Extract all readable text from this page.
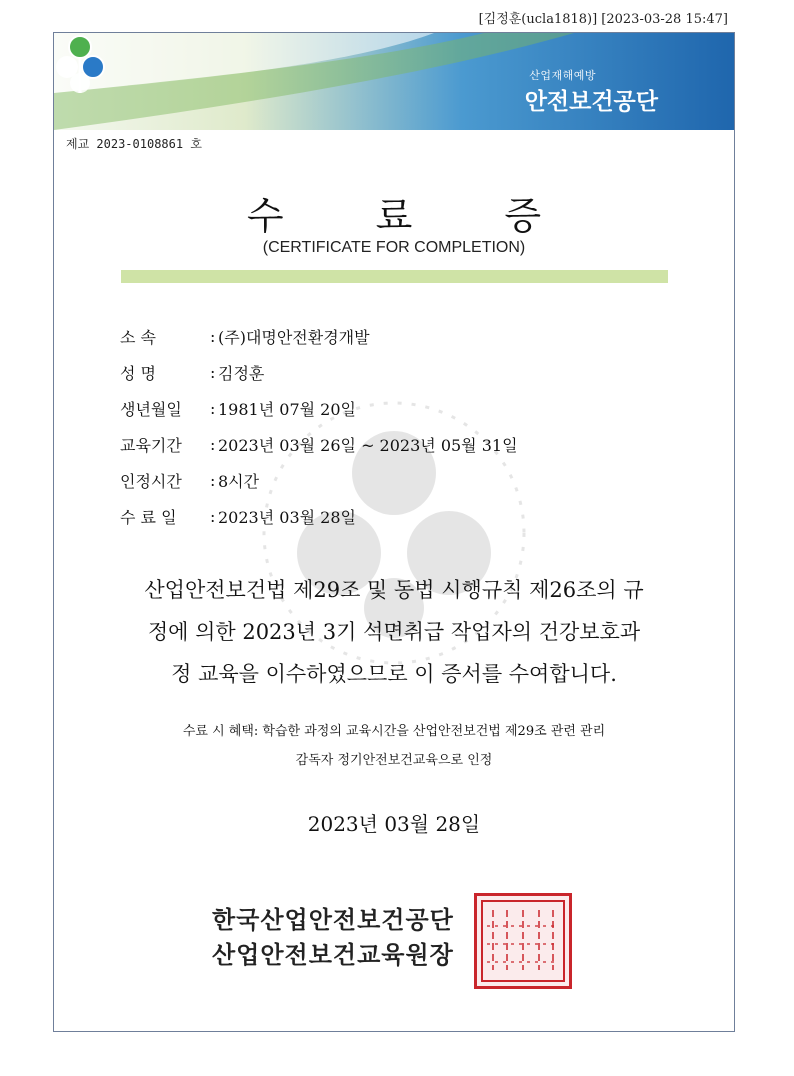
[김정훈(ucla1818)] [2023-03-28 15:47]
산업재해예방
안전보건공단
제교 2023-0108861 호
수 료 증
(CERTIFICATE FOR COMPLETION)
소 속	: (주)대명안전환경개발
성 명	: 김정훈
생년월일	: 1981년 07월 20일
교육기간	: 2023년 03월 26일 ~ 2023년 05월 31일
인정시간	: 8시간
수 료 일	: 2023년 03월 28일
산업안전보건법 제29조 및 동법 시행규칙 제26조의 규
정에 의한 2023년 3기 석면취급 작업자의 건강보호과
정 교육을 이수하였으므로 이 증서를 수여합니다.
수료 시 혜택: 학습한 과정의 교육시간을 산업안전보건법 제29조 관련 관리
감독자 정기안전보건교육으로 인정
2023년 03월 28일
한국산업안전보건공단
산업안전보건교육원장
